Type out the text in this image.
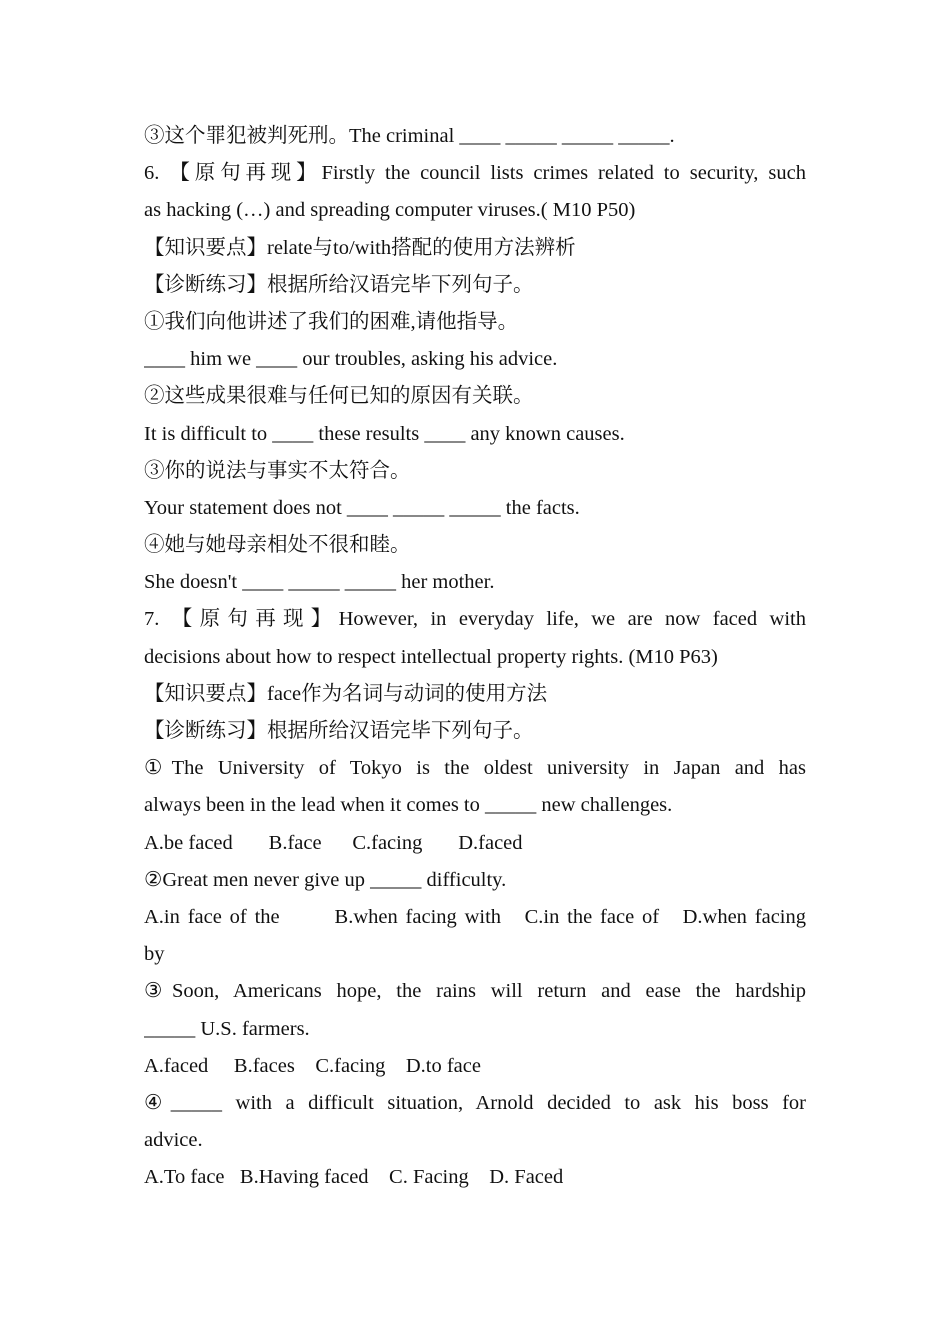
③这个罪犯被判死刑。The criminal ____ _____ _____ _____.
6. 【原句再现】Firstly the council lists crimes related to security, such
as hacking (…) and spreading computer viruses.( M10 P50)
【知识要点】relate与to/with搭配的使用方法辨析
【诊断练习】根据所给汉语完毕下列句子。
①我们向他讲述了我们的困难,请他指导。
____ him we ____ our troubles, asking his advice.
②这些成果很难与任何已知的原因有关联。
It is difficult to ____ these results ____ any known causes.
③你的说法与事实不太符合。
Your statement does not ____ _____ _____ the facts.
④她与她母亲相处不很和睦。
She doesn't ____ _____ _____ her mother.
7. 【原句再现】However, in everyday life, we are now faced with
decisions about how to respect intellectual property rights. (M10 P63)
【知识要点】face作为名词与动词的使用方法
【诊断练习】根据所给汉语完毕下列句子。
①The University of Tokyo is the oldest university in Japan and has
always been in the lead when it comes to _____ new challenges.
A.be faced       B.face      C.facing       D.faced
②Great men never give up _____ difficulty.
A.in face of the       B.when facing with   C.in the face of   D.when facing
by
③Soon, Americans hope, the rains will return and ease the hardship
_____ U.S. farmers.
A.faced     B.faces    C.facing    D.to face
④_____ with a difficult situation, Arnold decided to ask his boss for
advice.
A.To face   B.Having faced    C. Facing    D. Faced
